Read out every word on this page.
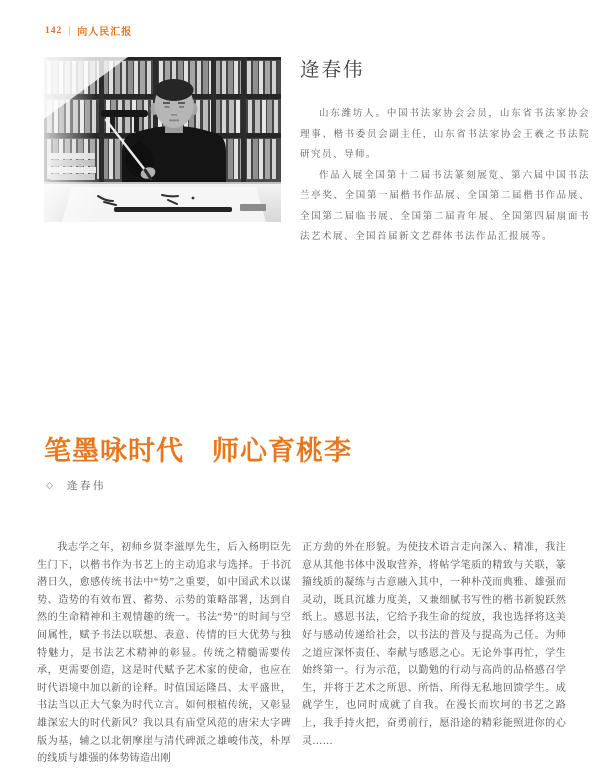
142 | 向人民汇报
逄春伟

山东潍坊人。中国书法家协会会员，山东省书法家协会理事、楷书委员会副主任，山东省书法家协会王羲之书法院研究员、导师。

作品入展全国第十二届书法篆刻展览、第六届中国书法兰亭奖、全国第一届楷书作品展、全国第二届楷书作品展、全国第二届临书展、全国第二届青年展、全国第四届扇面书法艺术展、全国首届新文艺群体书法作品汇报展等。

笔墨咏时代　师心育桃李
◇ 逄春伟

我志学之年，初师乡贤李滋厚先生，后入杨明臣先生门下，以楷书作为书艺上的主动追求与选择。于书沉潜日久，愈感传统书法中“势”之重要，如中国武术以谋势、造势的有效布置、蓄势、示势的策略部署，达到自然的生命精神和主观情趣的统一。书法“势”的时间与空间属性，赋予书法以联想、表意、传情的巨大优势与独特魅力，是书法艺术精神的彰显。传统之精髓需要传承，更需要创造，这是时代赋予艺术家的使命，也应在时代语境中加以新的诠释。时值国运隆昌、太平盛世，书法当以正大气象为时代立言。如何根植传统，又彰显雄深宏大的时代新风？我以具有庙堂风范的唐宋大字碑版为基，辅之以北朝摩崖与清代碑派之雄峻伟茂，朴厚的线质与雄强的体势铸造出刚

正方劲的外在形貌。为使技术语言走向深入、精准，我注意从其他书体中汲取营养，将帖学笔质的精致与关联，篆籀线质的凝练与古意融入其中，一种朴茂而典雅、雄强而灵动，既具沉雄力度美，又兼细腻书写性的楷书新貌跃然纸上。感恩书法，它给予我生命的绽放，我也选择将这美好与感动传递给社会，以书法的普及与提高为己任。为师之道应深怀责任、奉献与感恩之心。无论外事再忙，学生始终第一。行为示范，以勤勉的行动与高尚的品格感召学生，并将于艺术之所思、所悟、所得无私地回馈学生。成就学生，也同时成就了自我。在漫长而坎坷的书艺之路上，我手持火把，奋勇前行，愿沿途的精彩能照进你的心灵……
